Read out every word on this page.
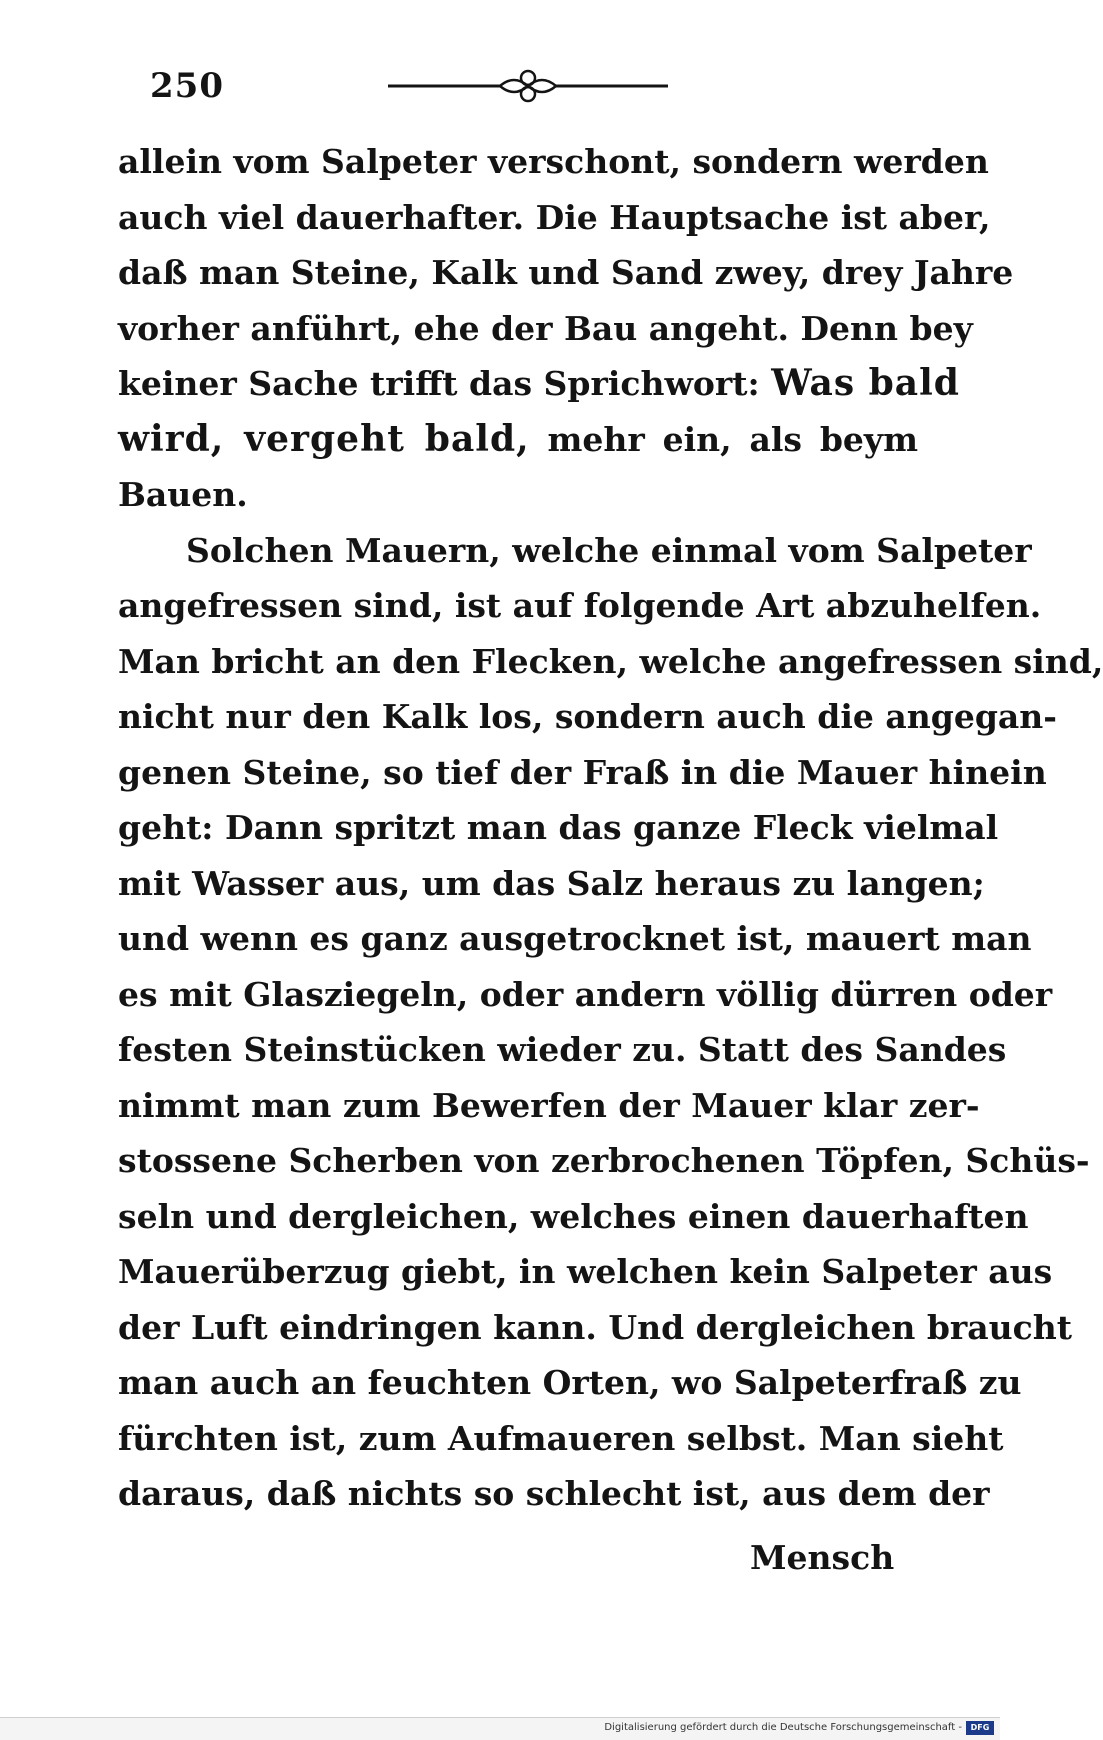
250
allein vom Salpeter verschont, sondern werden
auch viel dauerhafter. Die Hauptsache ist aber,
daß man Steine, Kalk und Sand zwey, drey Jahre
vorher anführt, ehe der Bau angeht. Denn bey
keiner Sache trifft das Sprichwort: Was bald
wird, vergeht bald, mehr ein, als beym
Bauen.
Solchen Mauern, welche einmal vom Salpeter
angefressen sind, ist auf folgende Art abzuhelfen.
Man bricht an den Flecken, welche angefressen sind,
nicht nur den Kalk los, sondern auch die angegan-
genen Steine, so tief der Fraß in die Mauer hinein
geht: Dann spritzt man das ganze Fleck vielmal
mit Wasser aus, um das Salz heraus zu langen;
und wenn es ganz ausgetrocknet ist, mauert man
es mit Glasziegeln, oder andern völlig dürren oder
festen Steinstücken wieder zu. Statt des Sandes
nimmt man zum Bewerfen der Mauer klar zer-
stossene Scherben von zerbrochenen Töpfen, Schüs-
seln und dergleichen, welches einen dauerhaften
Mauerüberzug giebt, in welchen kein Salpeter aus
der Luft eindringen kann. Und dergleichen braucht
man auch an feuchten Orten, wo Salpeterfraß zu
fürchten ist, zum Aufmaueren selbst. Man sieht
daraus, daß nichts so schlecht ist, aus dem der
Mensch
Digitalisierung gefördert durch die Deutsche Forschungsgemeinschaft -	DFG
